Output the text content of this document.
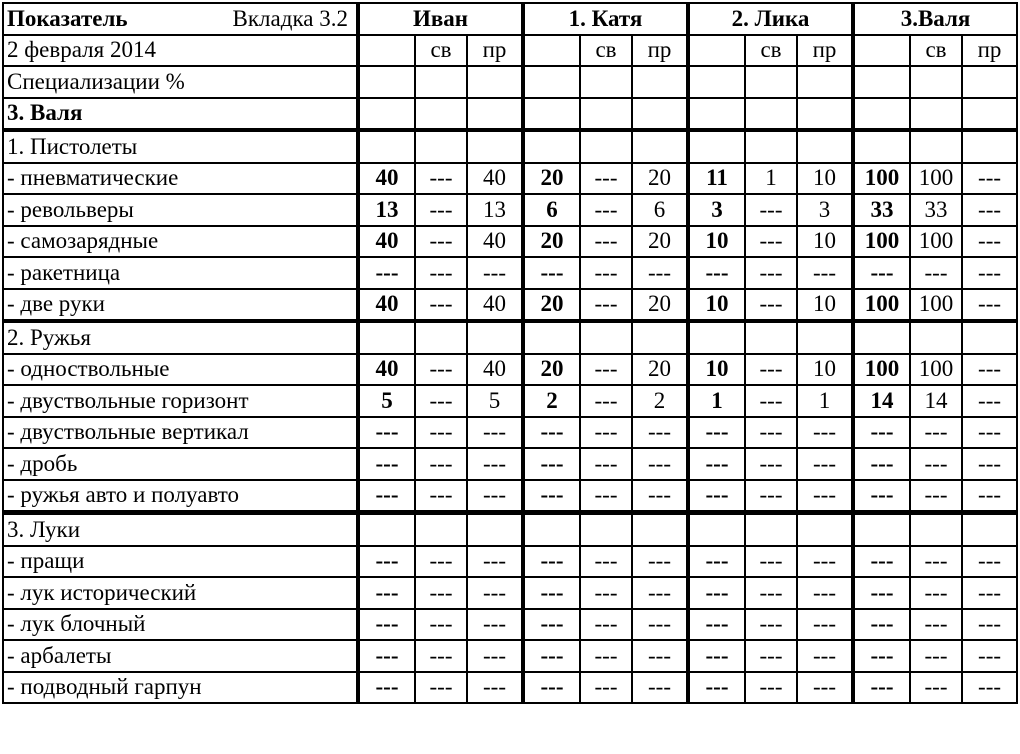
Показатель Вкладка 3.2	Иван			1. Катя			2. Лика			3.Валя		
2 февраля 2014		св	пр		св	пр		св	пр		св	пр
Специализации %												
3. Валя												
1. Пистолеты												
- пневматические	40	---	40	20	---	20	11	1	10	100	100	---
- револьверы	13	---	13	6	---	6	3	---	3	33	33	---
- самозарядные	40	---	40	20	---	20	10	---	10	100	100	---
- ракетница	---	---	---	---	---	---	---	---	---	---	---	---
- две руки	40	---	40	20	---	20	10	---	10	100	100	---
2. Ружья												
- одноствольные	40	---	40	20	---	20	10	---	10	100	100	---
- двуствольные горизонт	5	---	5	2	---	2	1	---	1	14	14	---
- двуствольные вертикал	---	---	---	---	---	---	---	---	---	---	---	---
- дробь	---	---	---	---	---	---	---	---	---	---	---	---
- ружья авто и полуавто	---	---	---	---	---	---	---	---	---	---	---	---
3. Луки												
- пращи	---	---	---	---	---	---	---	---	---	---	---	---
- лук исторический	---	---	---	---	---	---	---	---	---	---	---	---
- лук блочный	---	---	---	---	---	---	---	---	---	---	---	---
- арбалеты	---	---	---	---	---	---	---	---	---	---	---	---
- подводный гарпун	---	---	---	---	---	---	---	---	---	---	---	---
